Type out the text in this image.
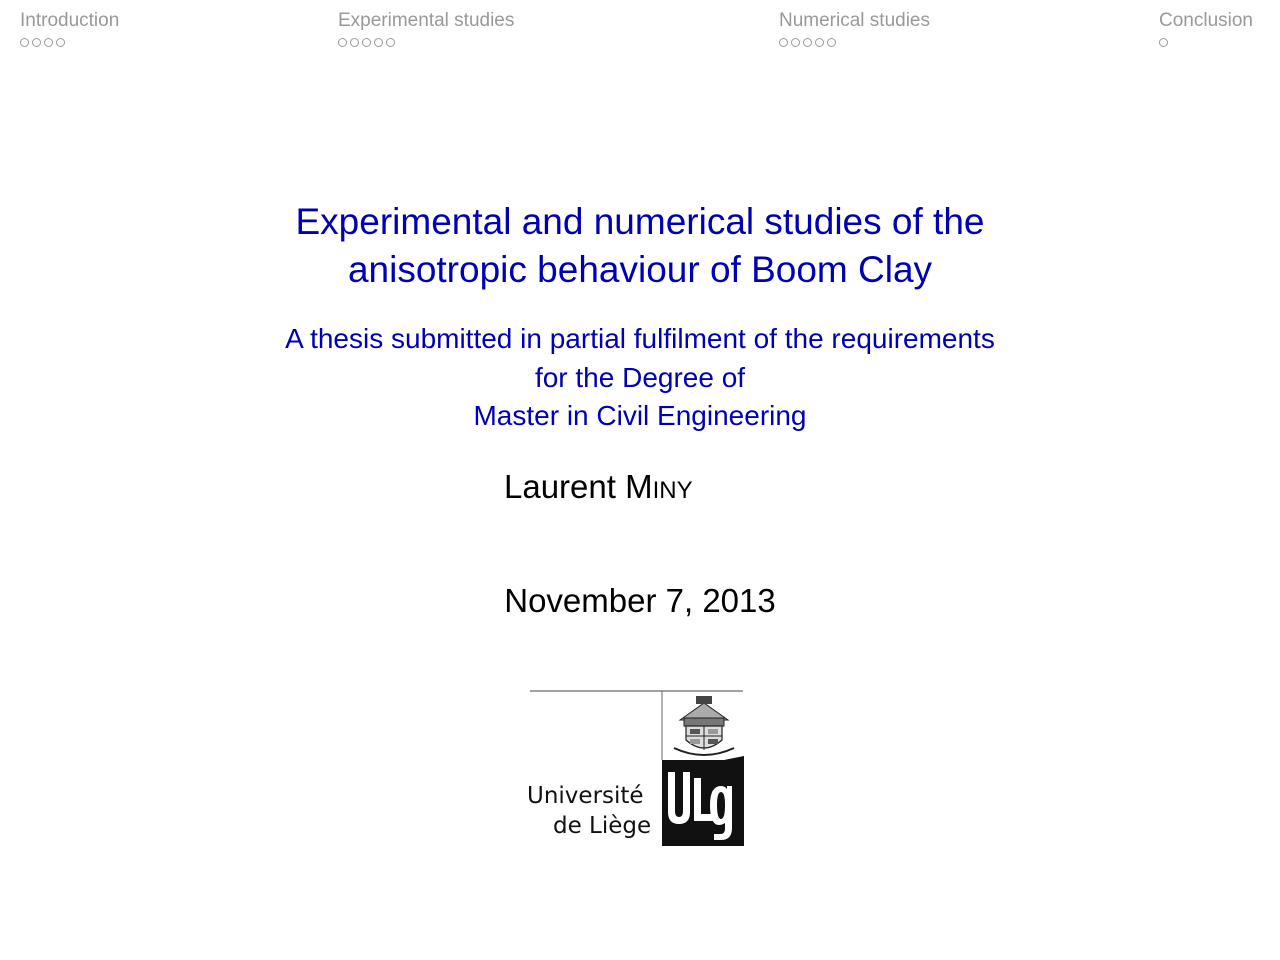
Introduction	Experimental studies	Numerical studies	Conclusion
Experimental and numerical studies of the
anisotropic behaviour of Boom Clay
A thesis submitted in partial fulfilment of the requirements
for the Degree of
Master in Civil Engineering
Laurent MINY
November 7, 2013
Université
de Liège
